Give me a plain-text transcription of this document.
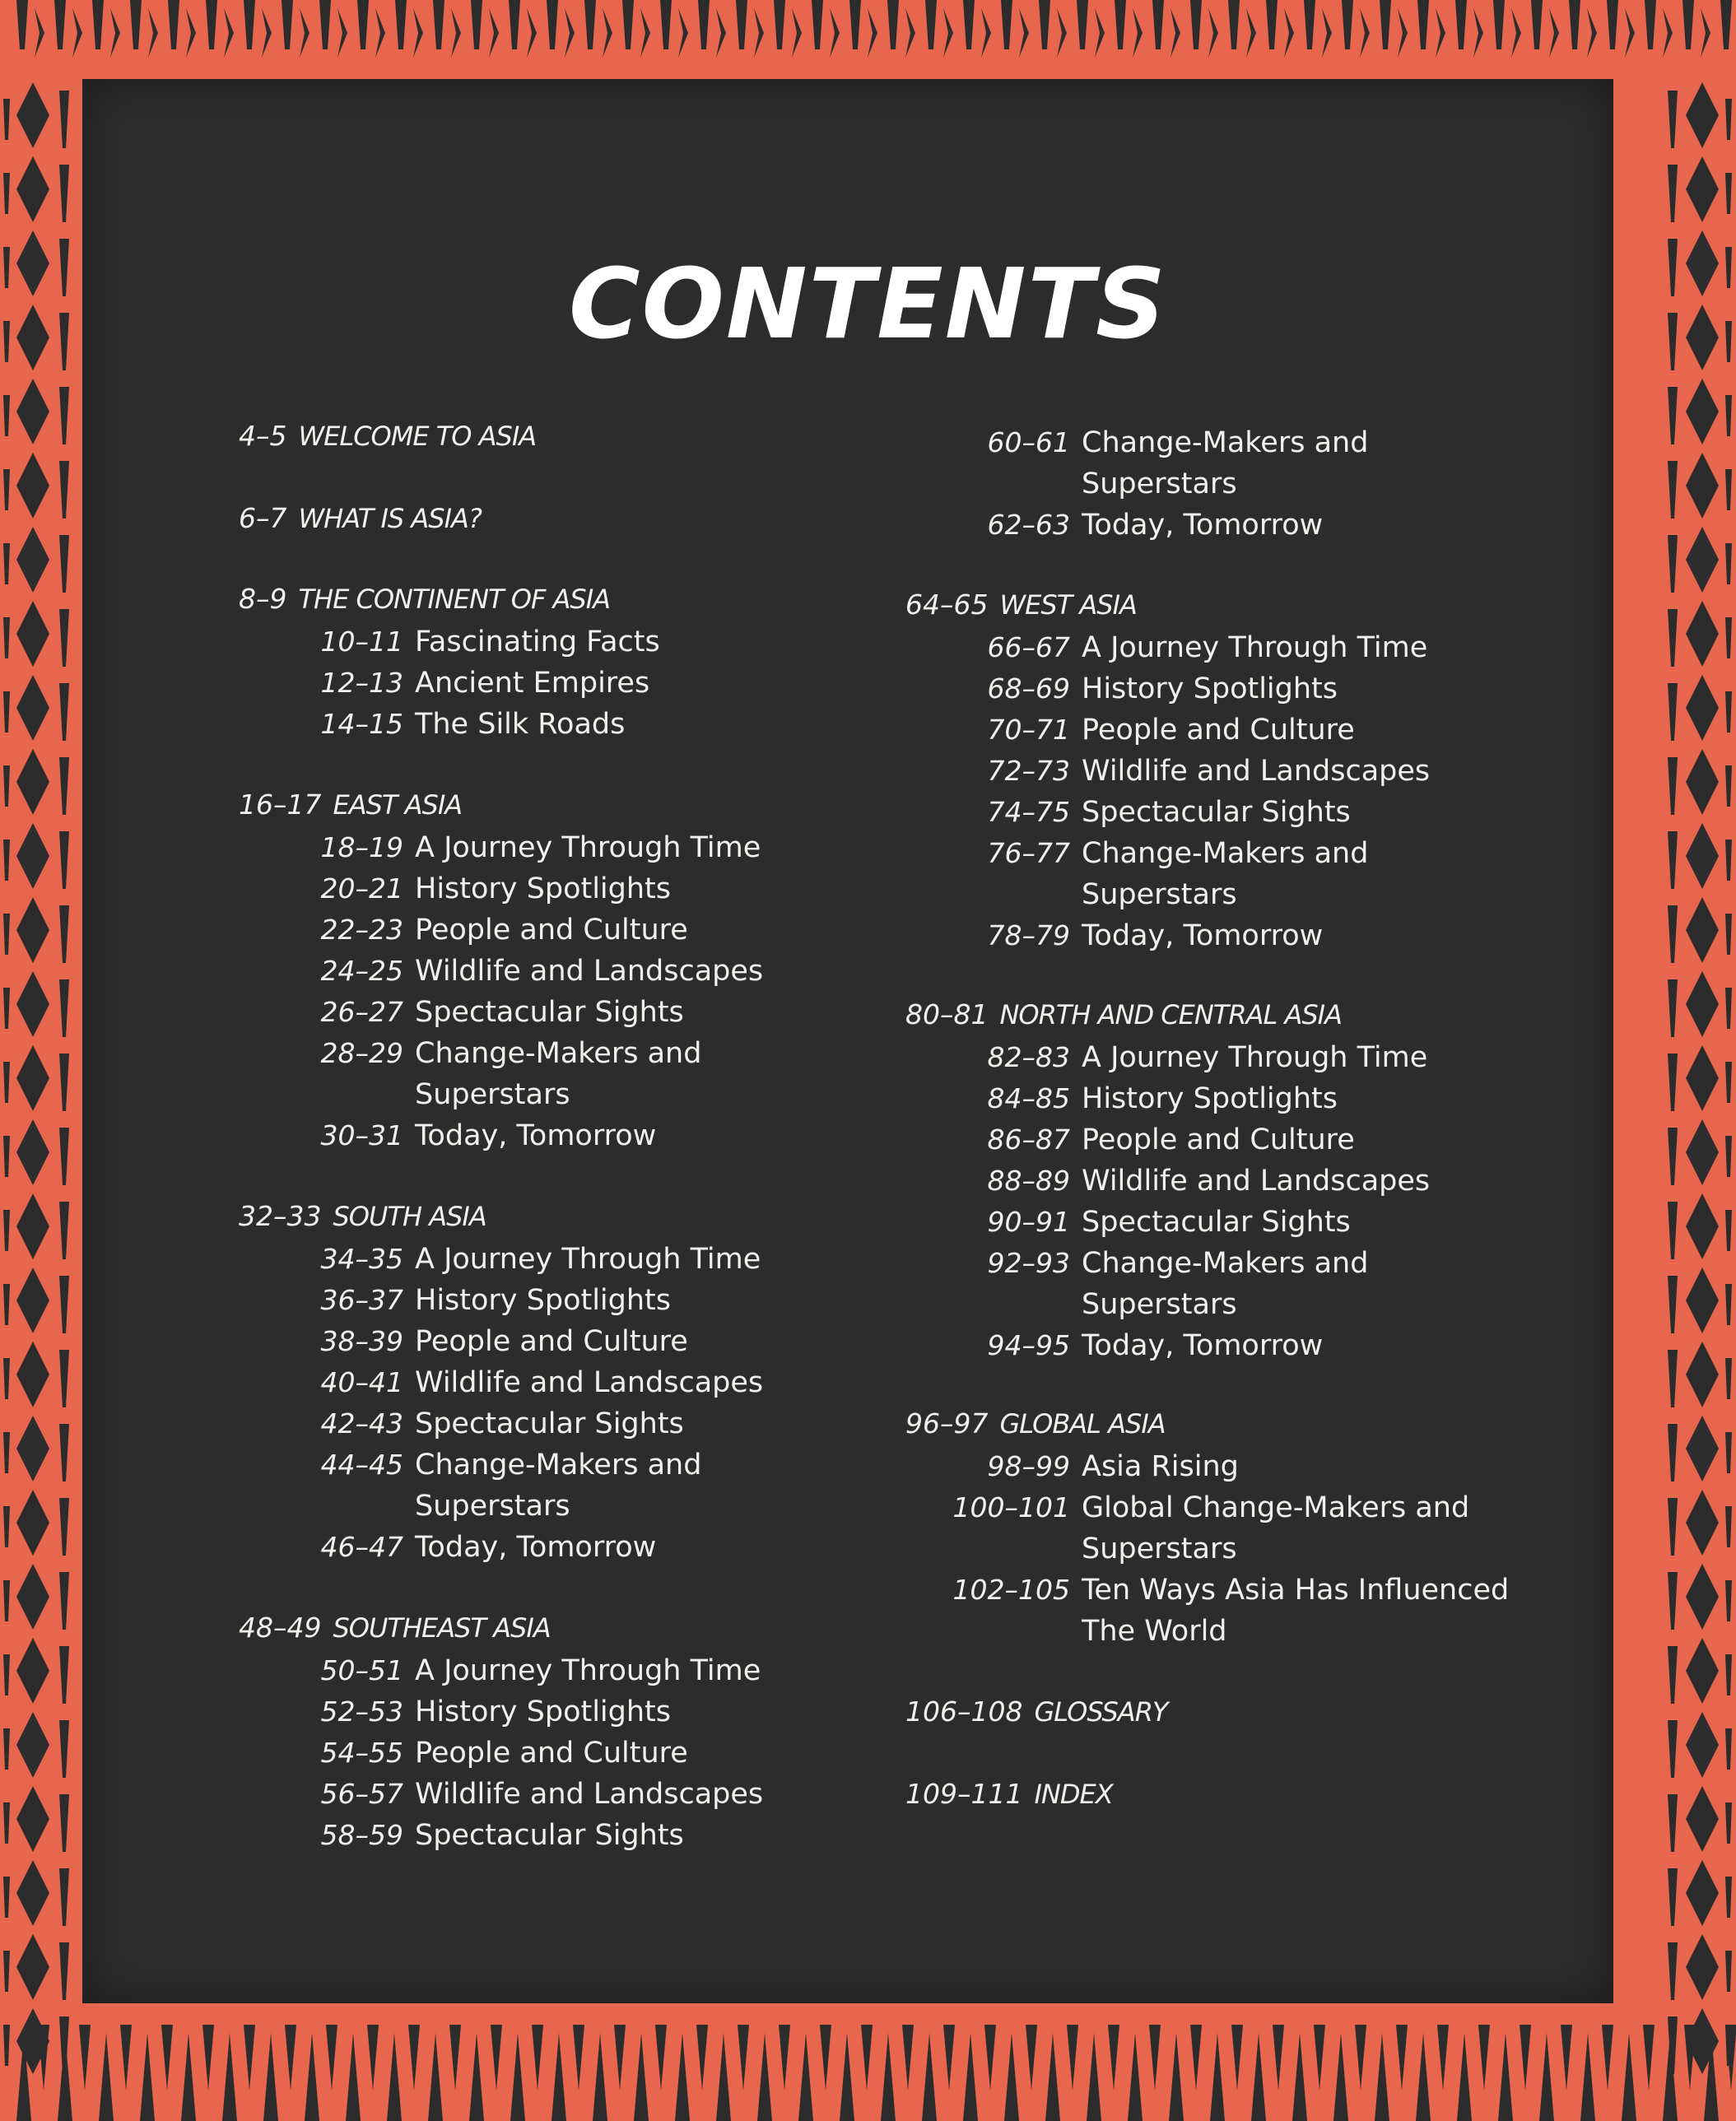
CONTENTS
4–5 WELCOME TO ASIA
6–7 WHAT IS ASIA?
8–9 THE CONTINENT OF ASIA
10–11 Fascinating Facts
12–13 Ancient Empires
14–15 The Silk Roads
16–17 EAST ASIA
18–19 A Journey Through Time
20–21 History Spotlights
22–23 People and Culture
24–25 Wildlife and Landscapes
26–27 Spectacular Sights
28–29 Change-Makers and
Superstars
30–31 Today, Tomorrow
32–33 SOUTH ASIA
34–35 A Journey Through Time
36–37 History Spotlights
38–39 People and Culture
40–41 Wildlife and Landscapes
42–43 Spectacular Sights
44–45 Change-Makers and
Superstars
46–47 Today, Tomorrow
48–49 SOUTHEAST ASIA
50–51 A Journey Through Time
52–53 History Spotlights
54–55 People and Culture
56–57 Wildlife and Landscapes
58–59 Spectacular Sights
60–61 Change-Makers and
Superstars
62–63 Today, Tomorrow
64–65 WEST ASIA
66–67 A Journey Through Time
68–69 History Spotlights
70–71 People and Culture
72–73 Wildlife and Landscapes
74–75 Spectacular Sights
76–77 Change-Makers and
Superstars
78–79 Today, Tomorrow
80–81 NORTH AND CENTRAL ASIA
82–83 A Journey Through Time
84–85 History Spotlights
86–87 People and Culture
88–89 Wildlife and Landscapes
90–91 Spectacular Sights
92–93 Change-Makers and
Superstars
94–95 Today, Tomorrow
96–97 GLOBAL ASIA
98–99 Asia Rising
100–101 Global Change-Makers and
Superstars
102–105 Ten Ways Asia Has Influenced
The World
106–108 GLOSSARY
109–111 INDEX
